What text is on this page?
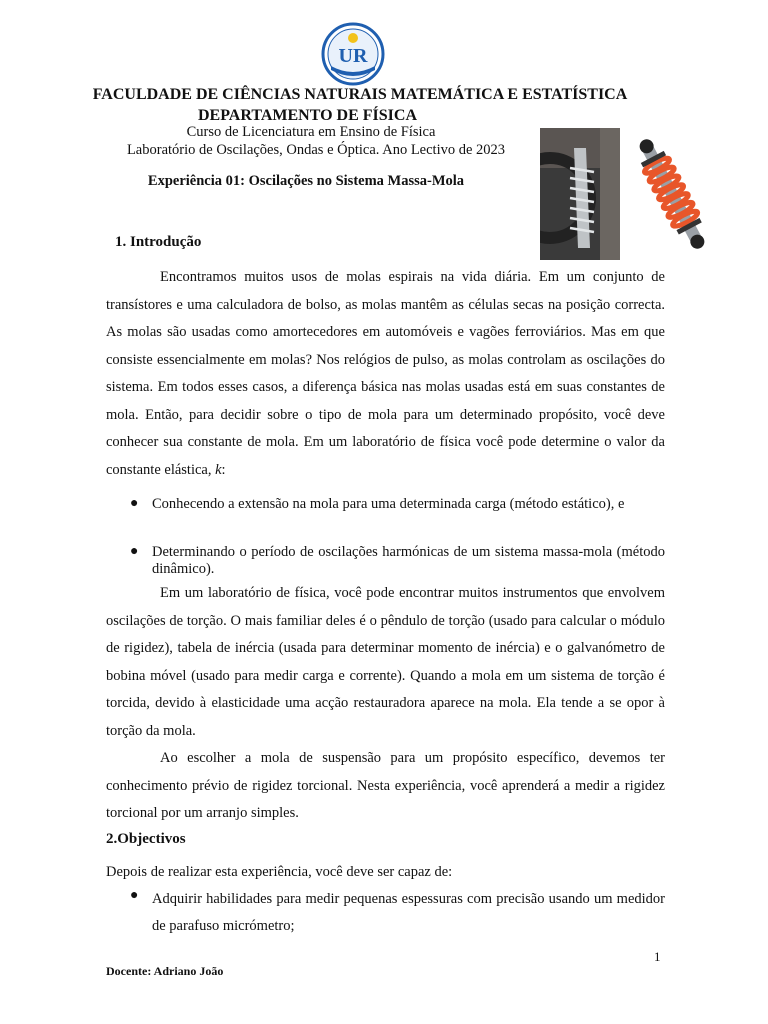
UR
FACULDADE DE CIÊNCIAS NATURAIS MATEMÁTICA E ESTATÍSTICA
DEPARTAMENTO DE FÍSICA
Curso de Licenciatura em Ensino de Física
Laboratório de Oscilações, Ondas e Óptica. Ano Lectivo de 2023
Experiência 01: Oscilações no Sistema Massa-Mola
1. Introdução
Encontramos muitos usos de molas espirais na vida diária. Em um conjunto de transístores e uma calculadora de bolso, as molas mantêm as células secas na posição correcta. As molas são usadas como amortecedores em automóveis e vagões ferroviários. Mas em que consiste essencialmente em molas? Nos relógios de pulso, as molas controlam as oscilações do sistema. Em todos esses casos, a diferença básica nas molas usadas está em suas constantes de mola. Então, para decidir sobre o tipo de mola para um determinado propósito, você deve conhecer sua constante de mola. Em um laboratório de física você pode determine o valor da constante elástica, k:
● Conhecendo a extensão na mola para uma determinada carga (método estático), e
● Determinando o período de oscilações harmónicas de um sistema massa-mola (método dinâmico).
Em um laboratório de física, você pode encontrar muitos instrumentos que envolvem oscilações de torção. O mais familiar deles é o pêndulo de torção (usado para calcular o módulo de rigidez), tabela de inércia (usada para determinar momento de inércia) e o galvanómetro de bobina móvel (usado para medir carga e corrente). Quando a mola em um sistema de torção é torcida, devido à elasticidade uma acção restauradora aparece na mola. Ela tende a se opor à torção da mola.
Ao escolher a mola de suspensão para um propósito específico, devemos ter conhecimento prévio de rigidez torcional. Nesta experiência, você aprenderá a medir a rigidez torcional por um arranjo simples.
2.Objectivos
Depois de realizar esta experiência, você deve ser capaz de:
● Adquirir habilidades para medir pequenas espessuras com precisão usando um medidor de parafuso micrómetro;
1
Docente: Adriano João
